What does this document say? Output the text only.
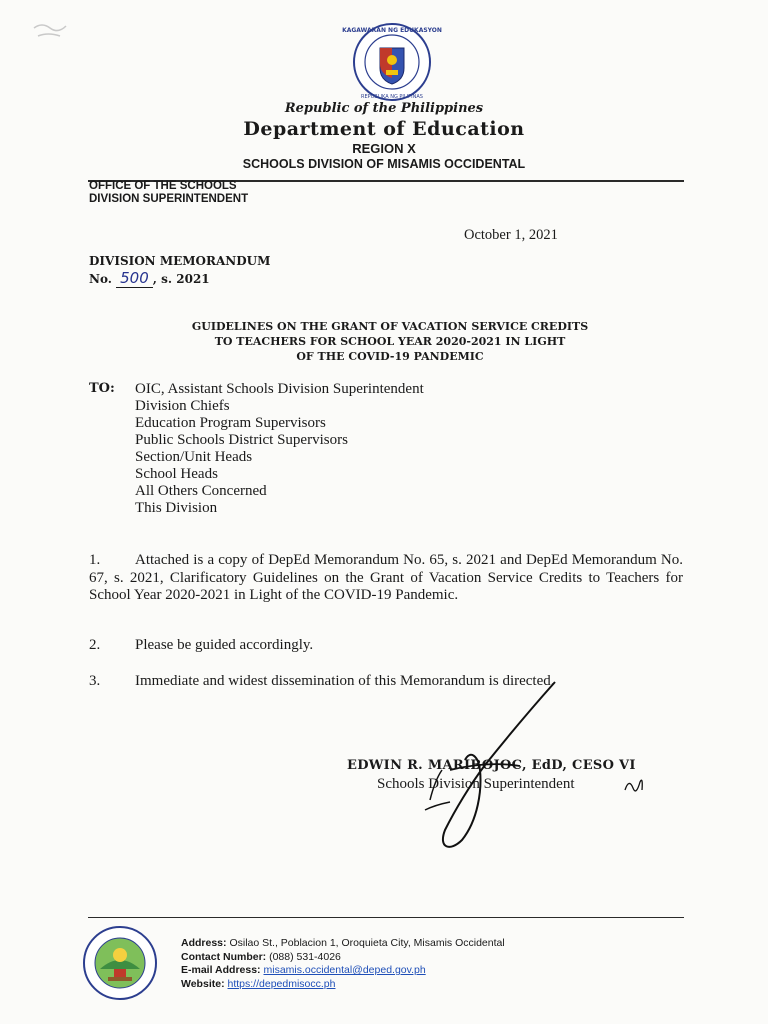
KAGAWARAN NG EDUKASYON
REPUBLIKA NG PILIPINAS
Republic of the Philippines
Department of Education
REGION X
SCHOOLS DIVISION OF MISAMIS OCCIDENTAL
OFFICE OF THE SCHOOLS
DIVISION SUPERINTENDENT
October 1, 2021
DIVISION MEMORANDUM
No. 500 , s. 2021
GUIDELINES ON THE GRANT OF VACATION SERVICE CREDITS
TO TEACHERS FOR SCHOOL YEAR 2020-2021 IN LIGHT
OF THE COVID-19 PANDEMIC
TO: OIC, Assistant Schools Division Superintendent
Division Chiefs
Education Program Supervisors
Public Schools District Supervisors
Section/Unit Heads
School Heads
All Others Concerned
This Division
1. Attached is a copy of DepEd Memorandum No. 65, s. 2021 and DepEd Memorandum No. 67, s. 2021, Clarificatory Guidelines on the Grant of Vacation Service Credits to Teachers for School Year 2020-2021 in Light of the COVID-19 Pandemic.
2. Please be guided accordingly.
3. Immediate and widest dissemination of this Memorandum is directed.
EDWIN R. MARIBOJOC, EdD, CESO VI
Schools Division Superintendent
Address: Osilao St., Poblacion 1, Oroquieta City, Misamis Occidental
Contact Number: (088) 531-4026
E-mail Address: misamis.occidental@deped.gov.ph
Website: https://depedmisocc.ph
